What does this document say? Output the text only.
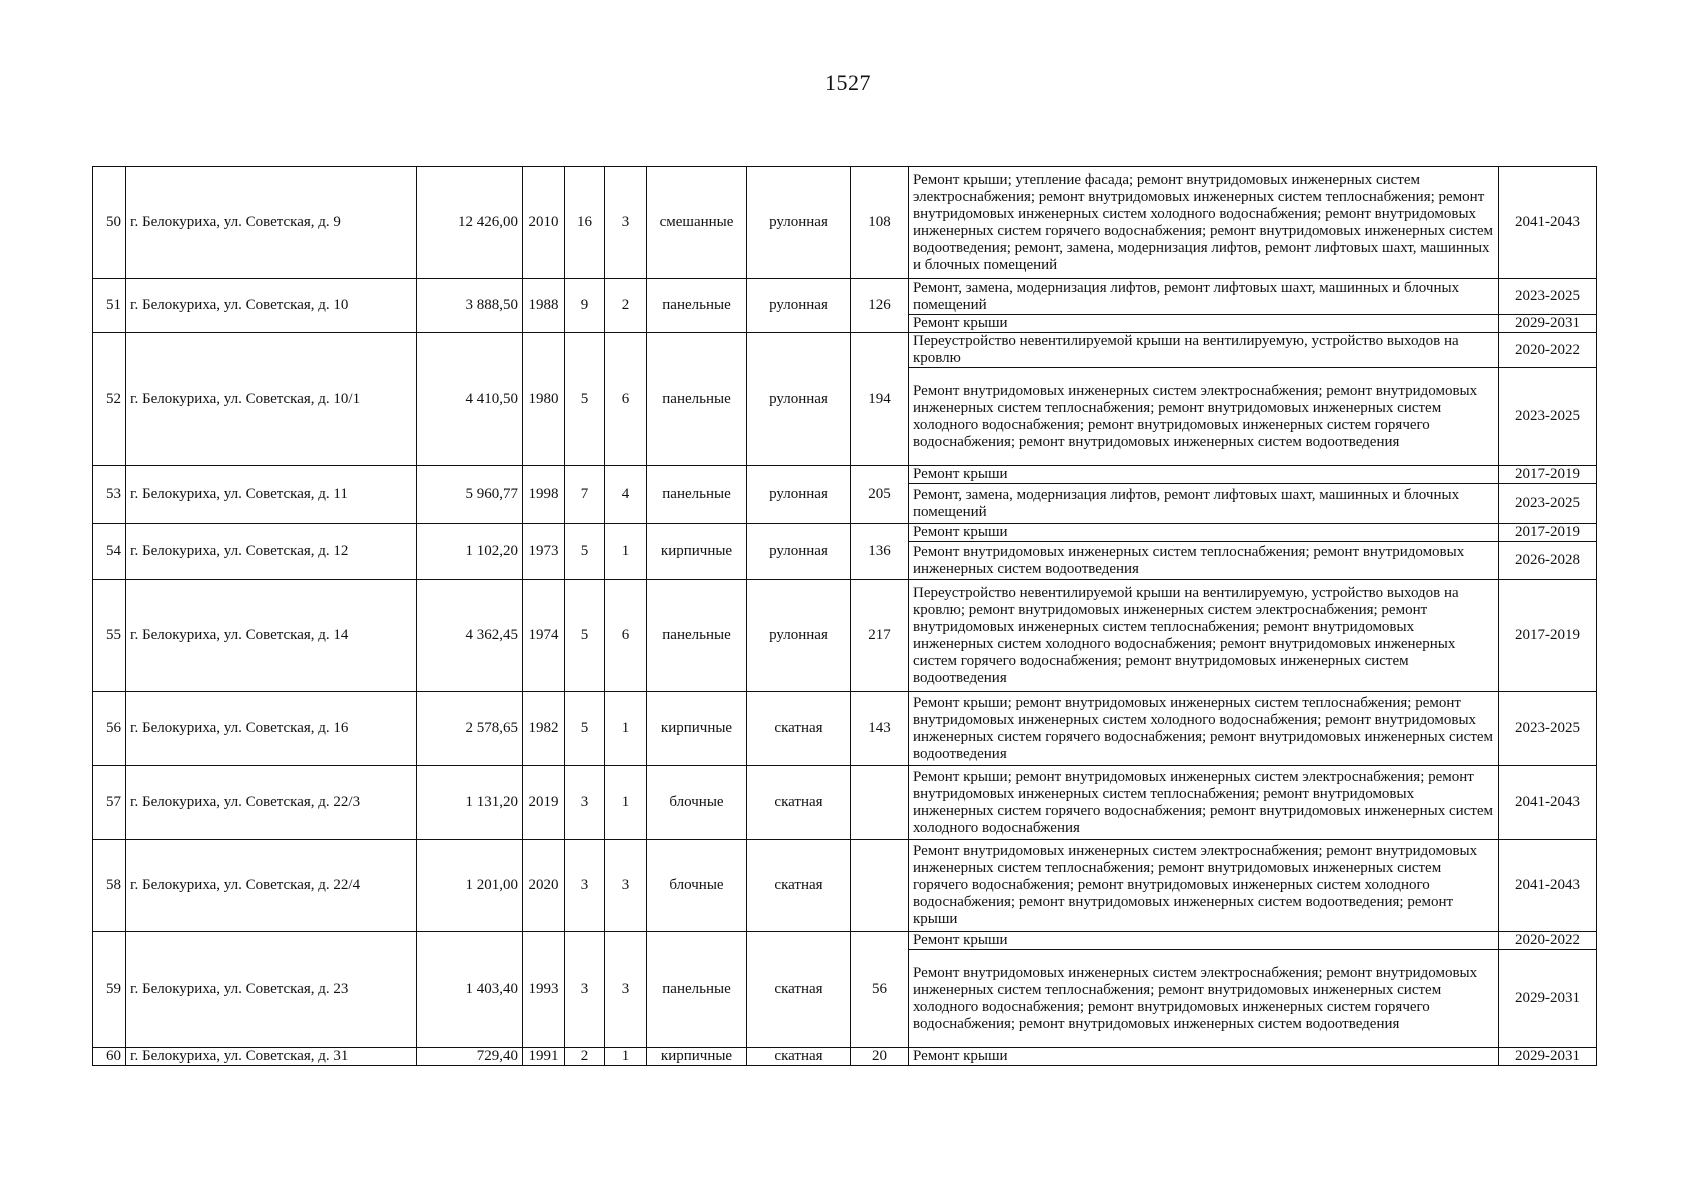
1527
50	г. Белокуриха, ул. Советская, д. 9	12 426,00	2010	16	3	смешанные	рулонная	108	Ремонт крыши; утепление фасада; ремонт внутридомовых инженерных систем электроснабжения; ремонт внутридомовых инженерных систем теплоснабжения; ремонт внутридомовых инженерных систем холодного водоснабжения; ремонт внутридомовых инженерных систем горячего водоснабжения; ремонт внутридомовых инженерных систем водоотведения; ремонт, замена, модернизация лифтов, ремонт лифтовых шахт, машинных и блочных помещений	2041-2043
51	г. Белокуриха, ул. Советская, д. 10	3 888,50	1988	9	2	панельные	рулонная	126	Ремонт, замена, модернизация лифтов, ремонт лифтовых шахт, машинных и блочных помещений	2023-2025
									Ремонт крыши	2029-2031
52	г. Белокуриха, ул. Советская, д. 10/1	4 410,50	1980	5	6	панельные	рулонная	194	Переустройство невентилируемой крыши на вентилируемую, устройство выходов на кровлю	2020-2022
									Ремонт внутридомовых инженерных систем электроснабжения; ремонт внутридомовых инженерных систем теплоснабжения; ремонт внутридомовых инженерных систем холодного водоснабжения; ремонт внутридомовых инженерных систем горячего водоснабжения; ремонт внутридомовых инженерных систем водоотведения	2023-2025
53	г. Белокуриха, ул. Советская, д. 11	5 960,77	1998	7	4	панельные	рулонная	205	Ремонт крыши	2017-2019
									Ремонт, замена, модернизация лифтов, ремонт лифтовых шахт, машинных и блочных помещений	2023-2025
54	г. Белокуриха, ул. Советская, д. 12	1 102,20	1973	5	1	кирпичные	рулонная	136	Ремонт крыши	2017-2019
									Ремонт внутридомовых инженерных систем теплоснабжения; ремонт внутридомовых инженерных систем водоотведения	2026-2028
55	г. Белокуриха, ул. Советская, д. 14	4 362,45	1974	5	6	панельные	рулонная	217	Переустройство невентилируемой крыши на вентилируемую, устройство выходов на кровлю; ремонт внутридомовых инженерных систем электроснабжения; ремонт внутридомовых инженерных систем теплоснабжения; ремонт внутридомовых инженерных систем холодного водоснабжения; ремонт внутридомовых инженерных систем горячего водоснабжения; ремонт внутридомовых инженерных систем водоотведения	2017-2019
56	г. Белокуриха, ул. Советская, д. 16	2 578,65	1982	5	1	кирпичные	скатная	143	Ремонт крыши; ремонт внутридомовых инженерных систем теплоснабжения; ремонт внутридомовых инженерных систем холодного водоснабжения; ремонт внутридомовых инженерных систем горячего водоснабжения; ремонт внутридомовых инженерных систем водоотведения	2023-2025
57	г. Белокуриха, ул. Советская, д. 22/3	1 131,20	2019	3	1	блочные	скатная		Ремонт крыши; ремонт внутридомовых инженерных систем электроснабжения; ремонт внутридомовых инженерных систем теплоснабжения; ремонт внутридомовых инженерных систем горячего водоснабжения; ремонт внутридомовых инженерных систем холодного водоснабжения	2041-2043
58	г. Белокуриха, ул. Советская, д. 22/4	1 201,00	2020	3	3	блочные	скатная		Ремонт внутридомовых инженерных систем электроснабжения; ремонт внутридомовых инженерных систем теплоснабжения; ремонт внутридомовых инженерных систем горячего водоснабжения; ремонт внутридомовых инженерных систем холодного водоснабжения; ремонт внутридомовых инженерных систем водоотведения; ремонт крыши	2041-2043
59	г. Белокуриха, ул. Советская, д. 23	1 403,40	1993	3	3	панельные	скатная	56	Ремонт крыши	2020-2022
									Ремонт внутридомовых инженерных систем электроснабжения; ремонт внутридомовых инженерных систем теплоснабжения; ремонт внутридомовых инженерных систем холодного водоснабжения; ремонт внутридомовых инженерных систем горячего водоснабжения; ремонт внутридомовых инженерных систем водоотведения	2029-2031
60	г. Белокуриха, ул. Советская, д. 31	729,40	1991	2	1	кирпичные	скатная	20	Ремонт крыши	2029-2031
